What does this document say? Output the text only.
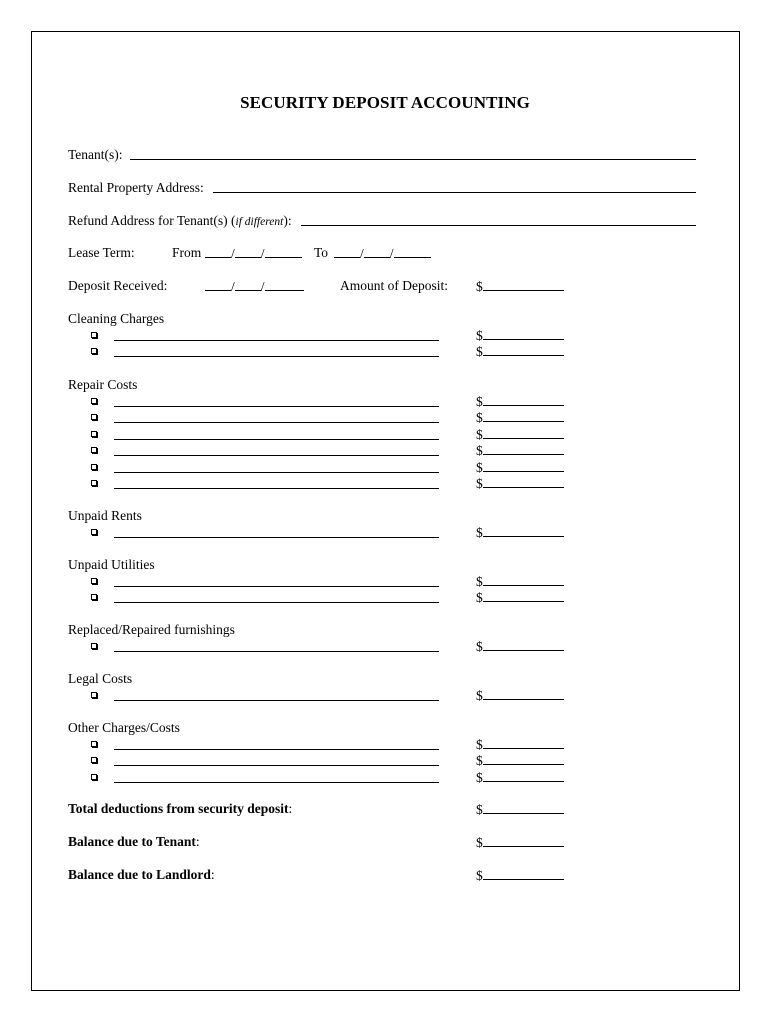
SECURITY DEPOSIT ACCOUNTING
Tenant(s):
Rental Property Address:
Refund Address for Tenant(s) (if different):
Lease Term:	From	/ /	To	/ /
Deposit Received:	/ /	Amount of Deposit: $
Cleaning Charges
$
$
Repair Costs
$
$
$
$
$
$
Unpaid Rents
$
Unpaid Utilities
$
$
Replaced/Repaired furnishings
$
Legal Costs
$
Other Charges/Costs
$
$
$
Total deductions from security deposit:	$
Balance due to Tenant:	$
Balance due to Landlord:	$
